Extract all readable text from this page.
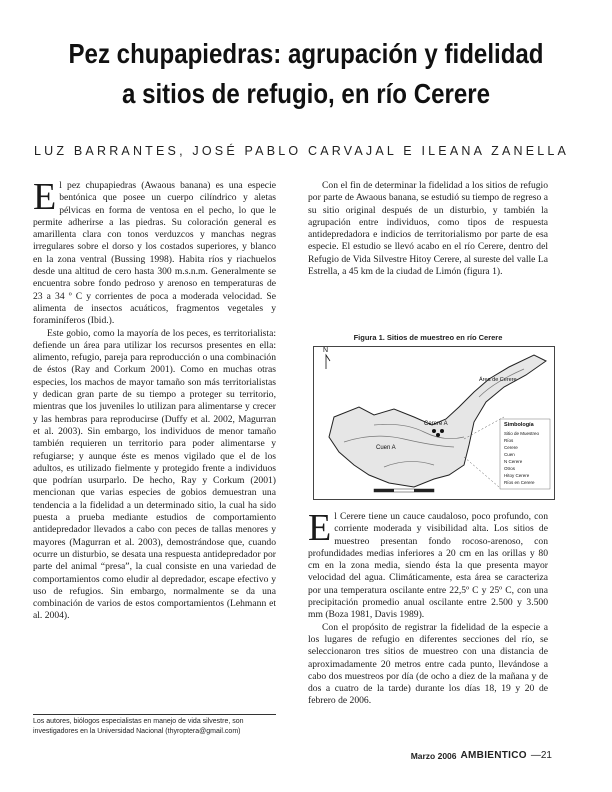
Pez chupapiedras: agrupación y fidelidad
a sitios de refugio, en río Cerere
LUZ BARRANTES, JOSÉ PABLO CARVAJAL E ILEANA ZANELLA

El pez chupapiedras (Awaous banana) es una especie bentónica que posee un cuerpo cilíndrico y aletas pélvicas en forma de ventosa en el pecho, lo que le permite adherirse a las piedras. Su coloración general es amarillenta clara con tonos verduzcos y manchas negras irregulares sobre el dorso y los costados superiores, y blanco en la zona ventral (Bussing 1998). Habita ríos y riachuelos desde una altitud de cero hasta 300 m.s.n.m. Generalmente se encuentra sobre fondo pedroso y arenoso en temperaturas de 23 a 34 º C y corrientes de poca a moderada velocidad. Se alimenta de insectos acuáticos, fragmentos vegetales y foraminíferos (Ibid.).

Este gobio, como la mayoría de los peces, es territorialista: defiende un área para utilizar los recursos presentes en ella: alimento, refugio, pareja para reproducción o una combinación de éstos (Ray and Corkum 2001). Como en muchas otras especies, los machos de mayor tamaño son más territorialistas y dedican gran parte de su tiempo a proteger su territorio, mientras que los juveniles lo utilizan para alimentarse y crecer y las hembras para reproducirse (Duffy et al. 2002, Magurran et al. 2003). Sin embargo, los individuos de menor tamaño también requieren un territorio para poder alimentarse y refugiarse; y aunque éste es menos vigilado que el de los adultos, es utilizado fielmente y protegido frente a individuos que podrían usurparlo. De hecho, Ray y Corkum (2001) mencionan que varias especies de gobios demuestran una tendencia a la fidelidad a un determinado sitio, la cual ha sido puesta a prueba mediante estudios de comportamiento antidepredador llevados a cabo con peces de tallas menores y mayores (Magurran et al. 2003), demostrándose que, cuando ocurre un disturbio, se desata una respuesta antidepredador por parte del animal “presa”, la cual consiste en una variedad de comportamientos como eludir al depredador, escape efectivo y uso de refugios. Sin embargo, normalmente se da una combinación de varios de estos comportamientos (Lehmann et al. 2004).

Los autores, biólogos especialistas en manejo de vida silvestre, son investigadores en la Universidad Nacional (thyroptera@gmail.com)

Con el fin de determinar la fidelidad a los sitios de refugio por parte de Awaous banana, se estudió su tiempo de regreso a su sitio original después de un disturbio, y también la agrupación entre individuos, como tipos de respuesta antidepredadora e indicios de territorialismo por parte de esa especie. El estudio se llevó acabo en el río Cerere, dentro del Refugio de Vida Silvestre Hitoy Cerere, al sureste del valle La Estrella, a 45 km de la ciudad de Limón (figura 1).

Figura 1. Sitios de muestreo en río Cerere
N
Área de Cerere
Cerere A
Cuen A
Simbología
Sitio de Muestreo
Ríos
Cerere
Cuen
N Cerere
Otros
Hitoy Cerere
Ríos en Cerere

El Cerere tiene un cauce caudaloso, poco profundo, con corriente moderada y visibilidad alta. Los sitios de muestreo presentan fondo rocoso-arenoso, con profundidades medias inferiores a 20 cm en las orillas y 80 cm en la zona media, siendo ésta la que presenta mayor velocidad del agua. Climáticamente, esta área se caracteriza por una temperatura oscilante entre 22,5º C y 25º C, con una precipitación promedio anual oscilante entre 2.500 y 3.500 mm (Boza 1981, Davis 1989).

Con el propósito de registrar la fidelidad de la especie a los lugares de refugio en diferentes secciones del río, se seleccionaron tres sitios de muestreo con una distancia de aproximadamente 20 metros entre cada punto, llevándose a cabo dos muestreos por día (de ocho a diez de la mañana y de dos a cuatro de la tarde) durante los días 18, 19 y 20 de febrero de 2006.

Marzo 2006 AMBIENTICO —21
